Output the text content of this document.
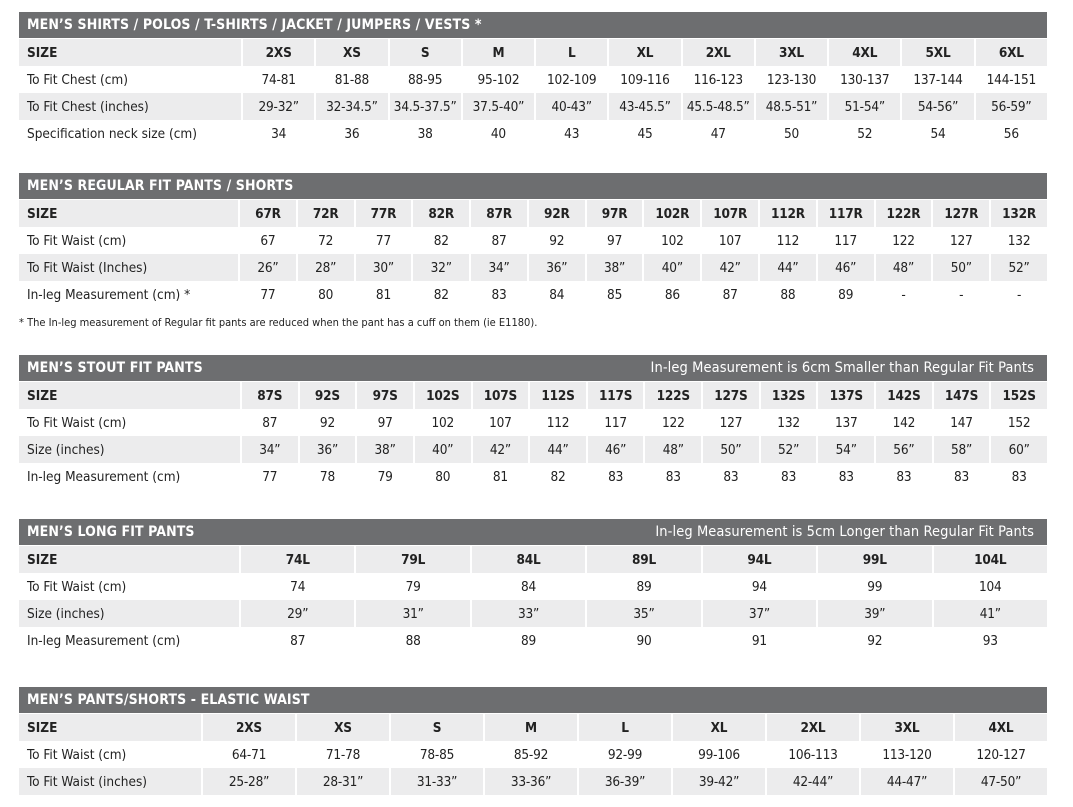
MEN’S SHIRTS / POLOS / T-SHIRTS / JACKET / JUMPERS / VESTS *
SIZE	2XS	XS	S	M	L	XL	2XL	3XL	4XL	5XL	6XL
To Fit Chest (cm)	74-81	81-88	88-95	95-102	102-109	109-116	116-123	123-130	130-137	137-144	144-151
To Fit Chest (inches)	29-32”	32-34.5”	34.5-37.5”	37.5-40”	40-43”	43-45.5”	45.5-48.5”	48.5-51”	51-54”	54-56”	56-59”
Specification neck size (cm)	34	36	38	40	43	45	47	50	52	54	56
MEN’S REGULAR FIT PANTS / SHORTS
SIZE	67R	72R	77R	82R	87R	92R	97R	102R	107R	112R	117R	122R	127R	132R
To Fit Waist (cm)	67	72	77	82	87	92	97	102	107	112	117	122	127	132
To Fit Waist (Inches)	26”	28”	30”	32”	34”	36”	38”	40”	42”	44”	46”	48”	50”	52”
In-leg Measurement (cm) *	77	80	81	82	83	84	85	86	87	88	89	-	-	-
MEN’S STOUT FIT PANTS	In-leg Measurement is 6cm Smaller than Regular Fit Pants
SIZE	87S	92S	97S	102S	107S	112S	117S	122S	127S	132S	137S	142S	147S	152S
To Fit Waist (cm)	87	92	97	102	107	112	117	122	127	132	137	142	147	152
Size (inches)	34”	36”	38”	40”	42”	44”	46”	48”	50”	52”	54”	56”	58”	60”
In-leg Measurement (cm)	77	78	79	80	81	82	83	83	83	83	83	83	83	83
MEN’S LONG FIT PANTS	In-leg Measurement is 5cm Longer than Regular Fit Pants
SIZE	74L	79L	84L	89L	94L	99L	104L
To Fit Waist (cm)	74	79	84	89	94	99	104
Size (inches)	29”	31”	33”	35”	37”	39”	41”
In-leg Measurement (cm)	87	88	89	90	91	92	93
MEN’S PANTS/SHORTS - ELASTIC WAIST
SIZE	2XS	XS	S	M	L	XL	2XL	3XL	4XL
To Fit Waist (cm)	64-71	71-78	78-85	85-92	92-99	99-106	106-113	113-120	120-127
To Fit Waist (inches)	25-28”	28-31”	31-33”	33-36”	36-39”	39-42”	42-44”	44-47”	47-50”
* The In-leg measurement of Regular fit pants are reduced when the pant has a cuff on them (ie E1180).
